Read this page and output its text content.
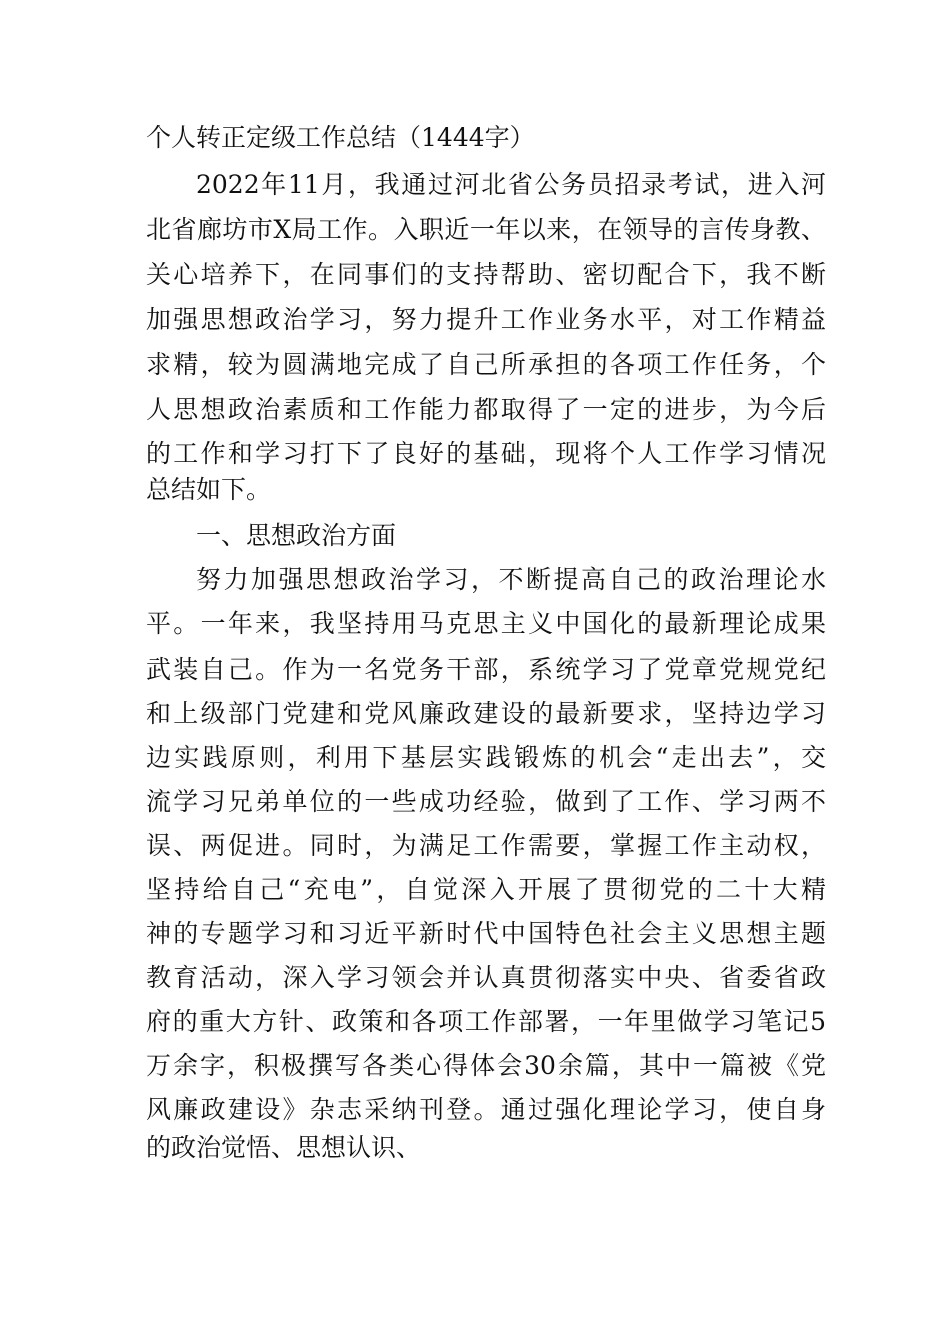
个人转正定级工作总结（1444字）

2022年11月，我通过河北省公务员招录考试，进入河

北省廊坊市X局工作。入职近一年以来，在领导的言传身教、

关心培养下，在同事们的支持帮助、密切配合下，我不断

加强思想政治学习，努力提升工作业务水平，对工作精益

求精，较为圆满地完成了自己所承担的各项工作任务，个

人思想政治素质和工作能力都取得了一定的进步，为今后

的工作和学习打下了良好的基础，现将个人工作学习情况

总结如下。

一、思想政治方面

努力加强思想政治学习，不断提高自己的政治理论水

平。一年来，我坚持用马克思主义中国化的最新理论成果

武装自己。作为一名党务干部，系统学习了党章党规党纪

和上级部门党建和党风廉政建设的最新要求，坚持边学习

边实践原则，利用下基层实践锻炼的机会“走出去”，交

流学习兄弟单位的一些成功经验，做到了工作、学习两不

误、两促进。同时，为满足工作需要，掌握工作主动权，

坚持给自己“充电”，自觉深入开展了贯彻党的二十大精

神的专题学习和习近平新时代中国特色社会主义思想主题

教育活动，深入学习领会并认真贯彻落实中央、省委省政

府的重大方针、政策和各项工作部署，一年里做学习笔记5

万余字，积极撰写各类心得体会30余篇，其中一篇被《党

风廉政建设》杂志采纳刊登。通过强化理论学习，使自身

的政治觉悟、思想认识、
